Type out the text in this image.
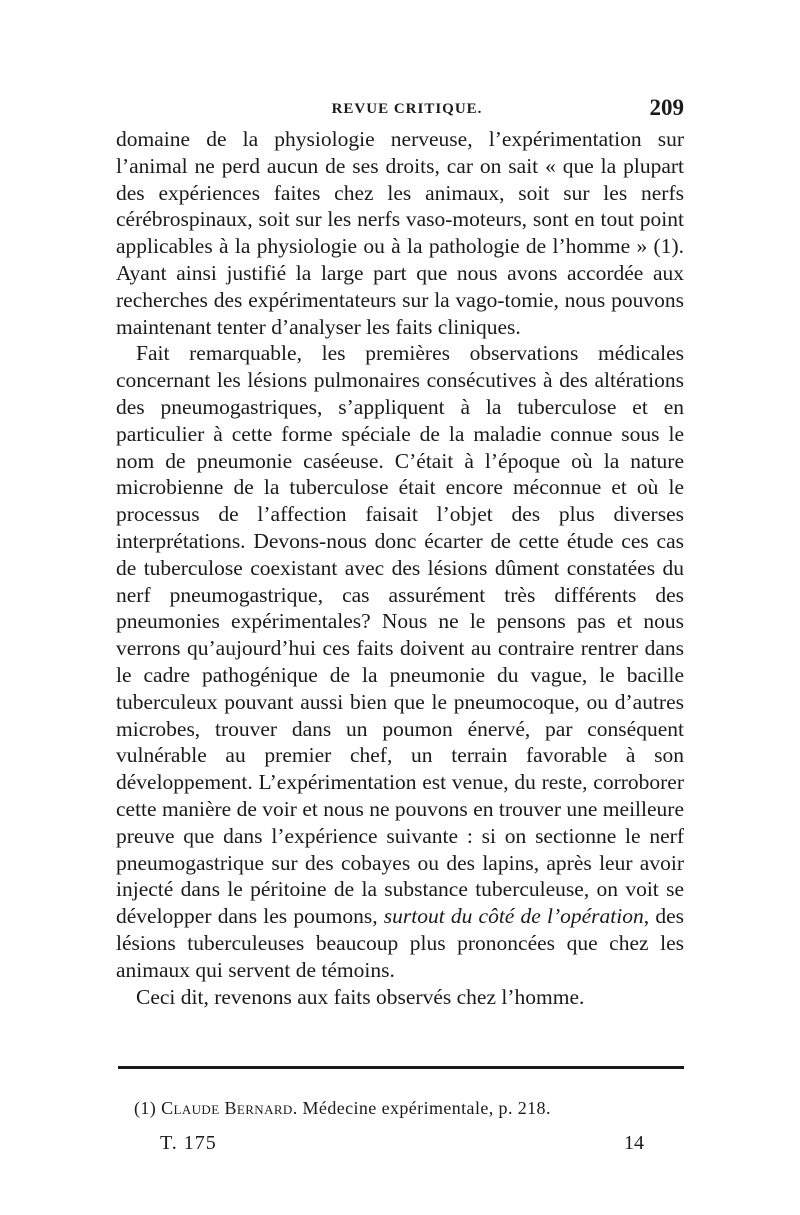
REVUE CRITIQUE.	209

domaine de la physiologie nerveuse, l’expérimentation sur l’animal ne perd aucun de ses droits, car on sait « que la plupart des expériences faites chez les animaux, soit sur les nerfs cérébrospinaux, soit sur les nerfs vaso-moteurs, sont en tout point applicables à la physiologie ou à la pathologie de l’homme » (1). Ayant ainsi justifié la large part que nous avons accordée aux recherches des expérimentateurs sur la vago-tomie, nous pouvons maintenant tenter d’analyser les faits cliniques.

Fait remarquable, les premières observations médicales concernant les lésions pulmonaires consécutives à des altérations des pneumogastriques, s’appliquent à la tuberculose et en particulier à cette forme spéciale de la maladie connue sous le nom de pneumonie caséeuse. C’était à l’époque où la nature microbienne de la tuberculose était encore méconnue et où le processus de l’affection faisait l’objet des plus diverses interprétations. Devons-nous donc écarter de cette étude ces cas de tuberculose coexistant avec des lésions dûment constatées du nerf pneumogastrique, cas assurément très différents des pneumonies expérimentales? Nous ne le pensons pas et nous verrons qu’aujourd’hui ces faits doivent au contraire rentrer dans le cadre pathogénique de la pneumonie du vague, le bacille tuberculeux pouvant aussi bien que le pneumocoque, ou d’autres microbes, trouver dans un poumon énervé, par conséquent vulnérable au premier chef, un terrain favorable à son développement. L’expérimentation est venue, du reste, corroborer cette manière de voir et nous ne pouvons en trouver une meilleure preuve que dans l’expérience suivante : si on sectionne le nerf pneumogastrique sur des cobayes ou des lapins, après leur avoir injecté dans le péritoine de la substance tuberculeuse, on voit se développer dans les poumons, surtout du côté de l’opération, des lésions tuberculeuses beaucoup plus prononcées que chez les animaux qui servent de témoins.

Ceci dit, revenons aux faits observés chez l’homme.

(1) Claude Bernard. Médecine expérimentale, p. 218.
T. 175	14
